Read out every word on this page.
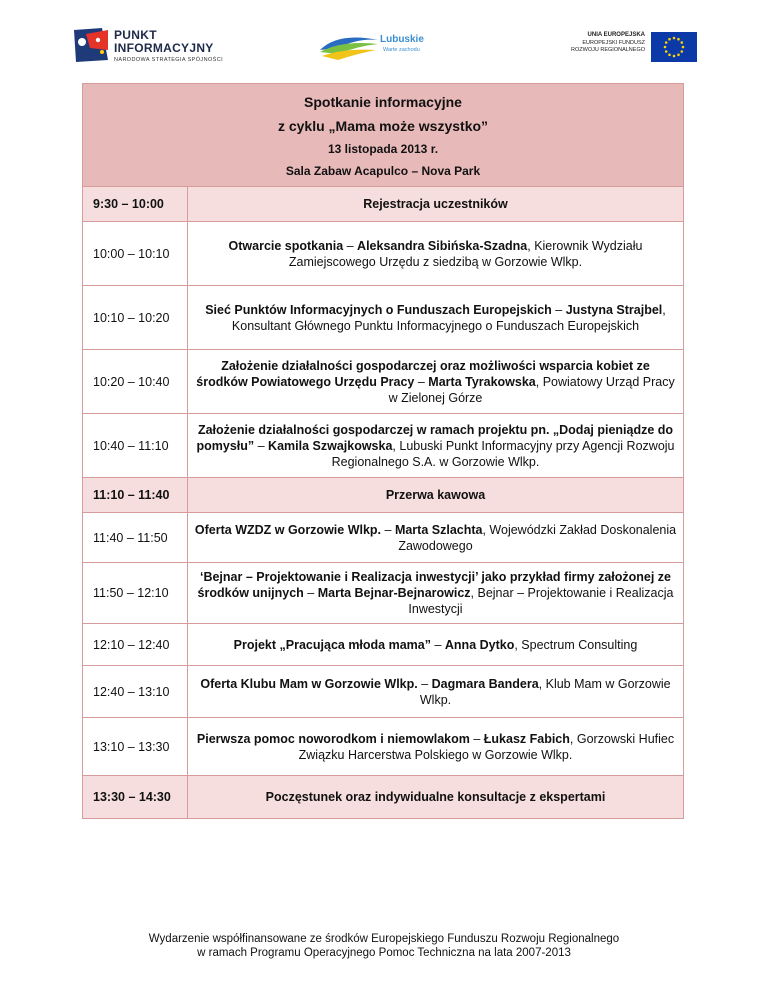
PUNKT
INFORMACYJNY
NARODOWA STRATEGIA SPÓJNOŚCI
Lubuskie
Warte zachodu
UNIA EUROPEJSKA
EUROPEJSKI FUNDUSZ
ROZWOJU REGIONALNEGO
Spotkanie informacyjne
z cyklu „Mama może wszystko”
13 listopada 2013 r.
Sala Zabaw Acapulco – Nova Park	

9:30 – 10:00	Rejestracja uczestników
10:00 – 10:10	Otwarcie spotkania – Aleksandra Sibińska-Szadna, Kierownik Wydziału Zamiejscowego Urzędu z siedzibą w Gorzowie Wlkp.
10:10 – 10:20	Sieć Punktów Informacyjnych o Funduszach Europejskich – Justyna Strajbel, Konsultant Głównego Punktu Informacyjnego o Funduszach Europejskich
10:20 – 10:40	Założenie działalności gospodarczej oraz możliwości wsparcia kobiet ze środków Powiatowego Urzędu Pracy – Marta Tyrakowska, Powiatowy Urząd Pracy w Zielonej Górze
10:40 – 11:10	Założenie działalności gospodarczej w ramach projektu pn. „Dodaj pieniądze do pomysłu” – Kamila Szwajkowska, Lubuski Punkt Informacyjny przy Agencji Rozwoju Regionalnego S.A. w Gorzowie Wlkp.
11:10 – 11:40	Przerwa kawowa
11:40 – 11:50	Oferta WZDZ w Gorzowie Wlkp. – Marta Szlachta, Wojewódzki Zakład Doskonalenia Zawodowego
11:50 – 12:10	‘Bejnar – Projektowanie i Realizacja inwestycji’ jako przykład firmy założonej ze środków unijnych – Marta Bejnar-Bejnarowicz, Bejnar – Projektowanie i Realizacja Inwestycji
12:10 – 12:40	Projekt „Pracująca młoda mama” – Anna Dytko, Spectrum Consulting
12:40 – 13:10	Oferta Klubu Mam w Gorzowie Wlkp. – Dagmara Bandera, Klub Mam w Gorzowie Wlkp.
13:10 – 13:30	Pierwsza pomoc noworodkom i niemowlakom – Łukasz Fabich, Gorzowski Hufiec Związku Harcerstwa Polskiego w Gorzowie Wlkp.
13:30 – 14:30	Poczęstunek oraz indywidualne konsultacje z ekspertami
Wydarzenie współfinansowane ze środków Europejskiego Funduszu Rozwoju Regionalnego
w ramach Programu Operacyjnego Pomoc Techniczna na lata 2007-2013
